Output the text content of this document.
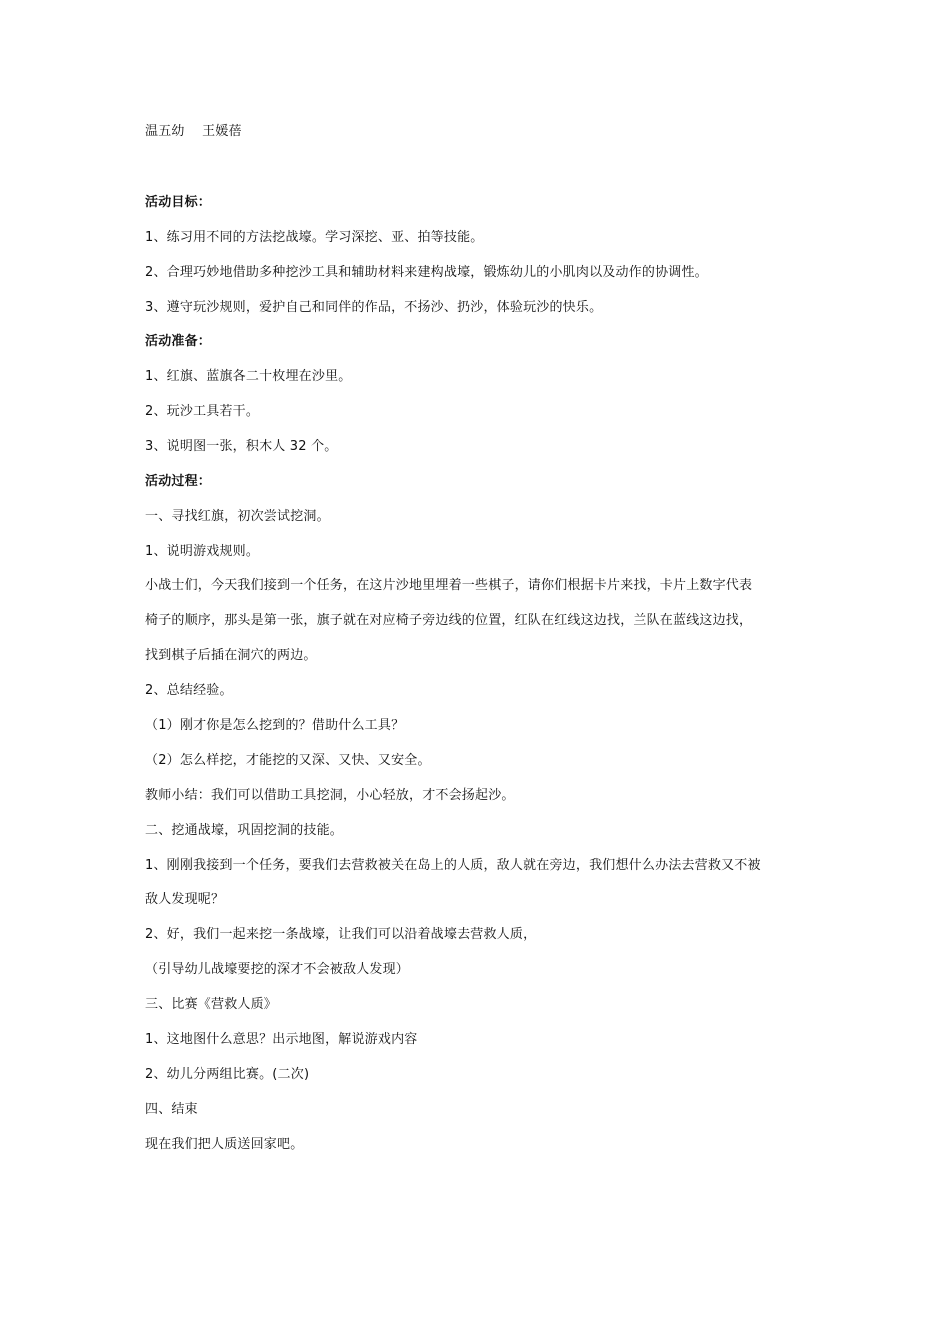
温五幼　 王媛蓓
活动目标：
1、练习用不同的方法挖战壕。学习深挖、亚、拍等技能。
2、合理巧妙地借助多种挖沙工具和辅助材料来建构战壕，锻炼幼儿的小肌肉以及动作的协调性。
3、遵守玩沙规则，爱护自己和同伴的作品，不扬沙、扔沙，体验玩沙的快乐。
活动准备：
1、红旗、蓝旗各二十枚埋在沙里。
2、玩沙工具若干。
3、说明图一张，积木人 32 个。
活动过程：
一、寻找红旗，初次尝试挖洞。
1、说明游戏规则。
小战士们，今天我们接到一个任务，在这片沙地里埋着一些棋子，请你们根据卡片来找，卡片上数字代表
椅子的顺序，那头是第一张，旗子就在对应椅子旁边线的位置，红队在红线这边找，兰队在蓝线这边找，
找到棋子后插在洞穴的两边。
2、总结经验。
（1）刚才你是怎么挖到的？借助什么工具？
（2）怎么样挖，才能挖的又深、又快、又安全。
教师小结：我们可以借助工具挖洞，小心轻放，才不会扬起沙。
二、挖通战壕，巩固挖洞的技能。
1、刚刚我接到一个任务，要我们去营救被关在岛上的人质，敌人就在旁边，我们想什么办法去营救又不被
敌人发现呢？
2、好，我们一起来挖一条战壕，让我们可以沿着战壕去营救人质，
（引导幼儿战壕要挖的深才不会被敌人发现）
三、比赛《营救人质》
1、这地图什么意思？出示地图，解说游戏内容
2、幼儿分两组比赛。(二次)
四、结束
现在我们把人质送回家吧。
